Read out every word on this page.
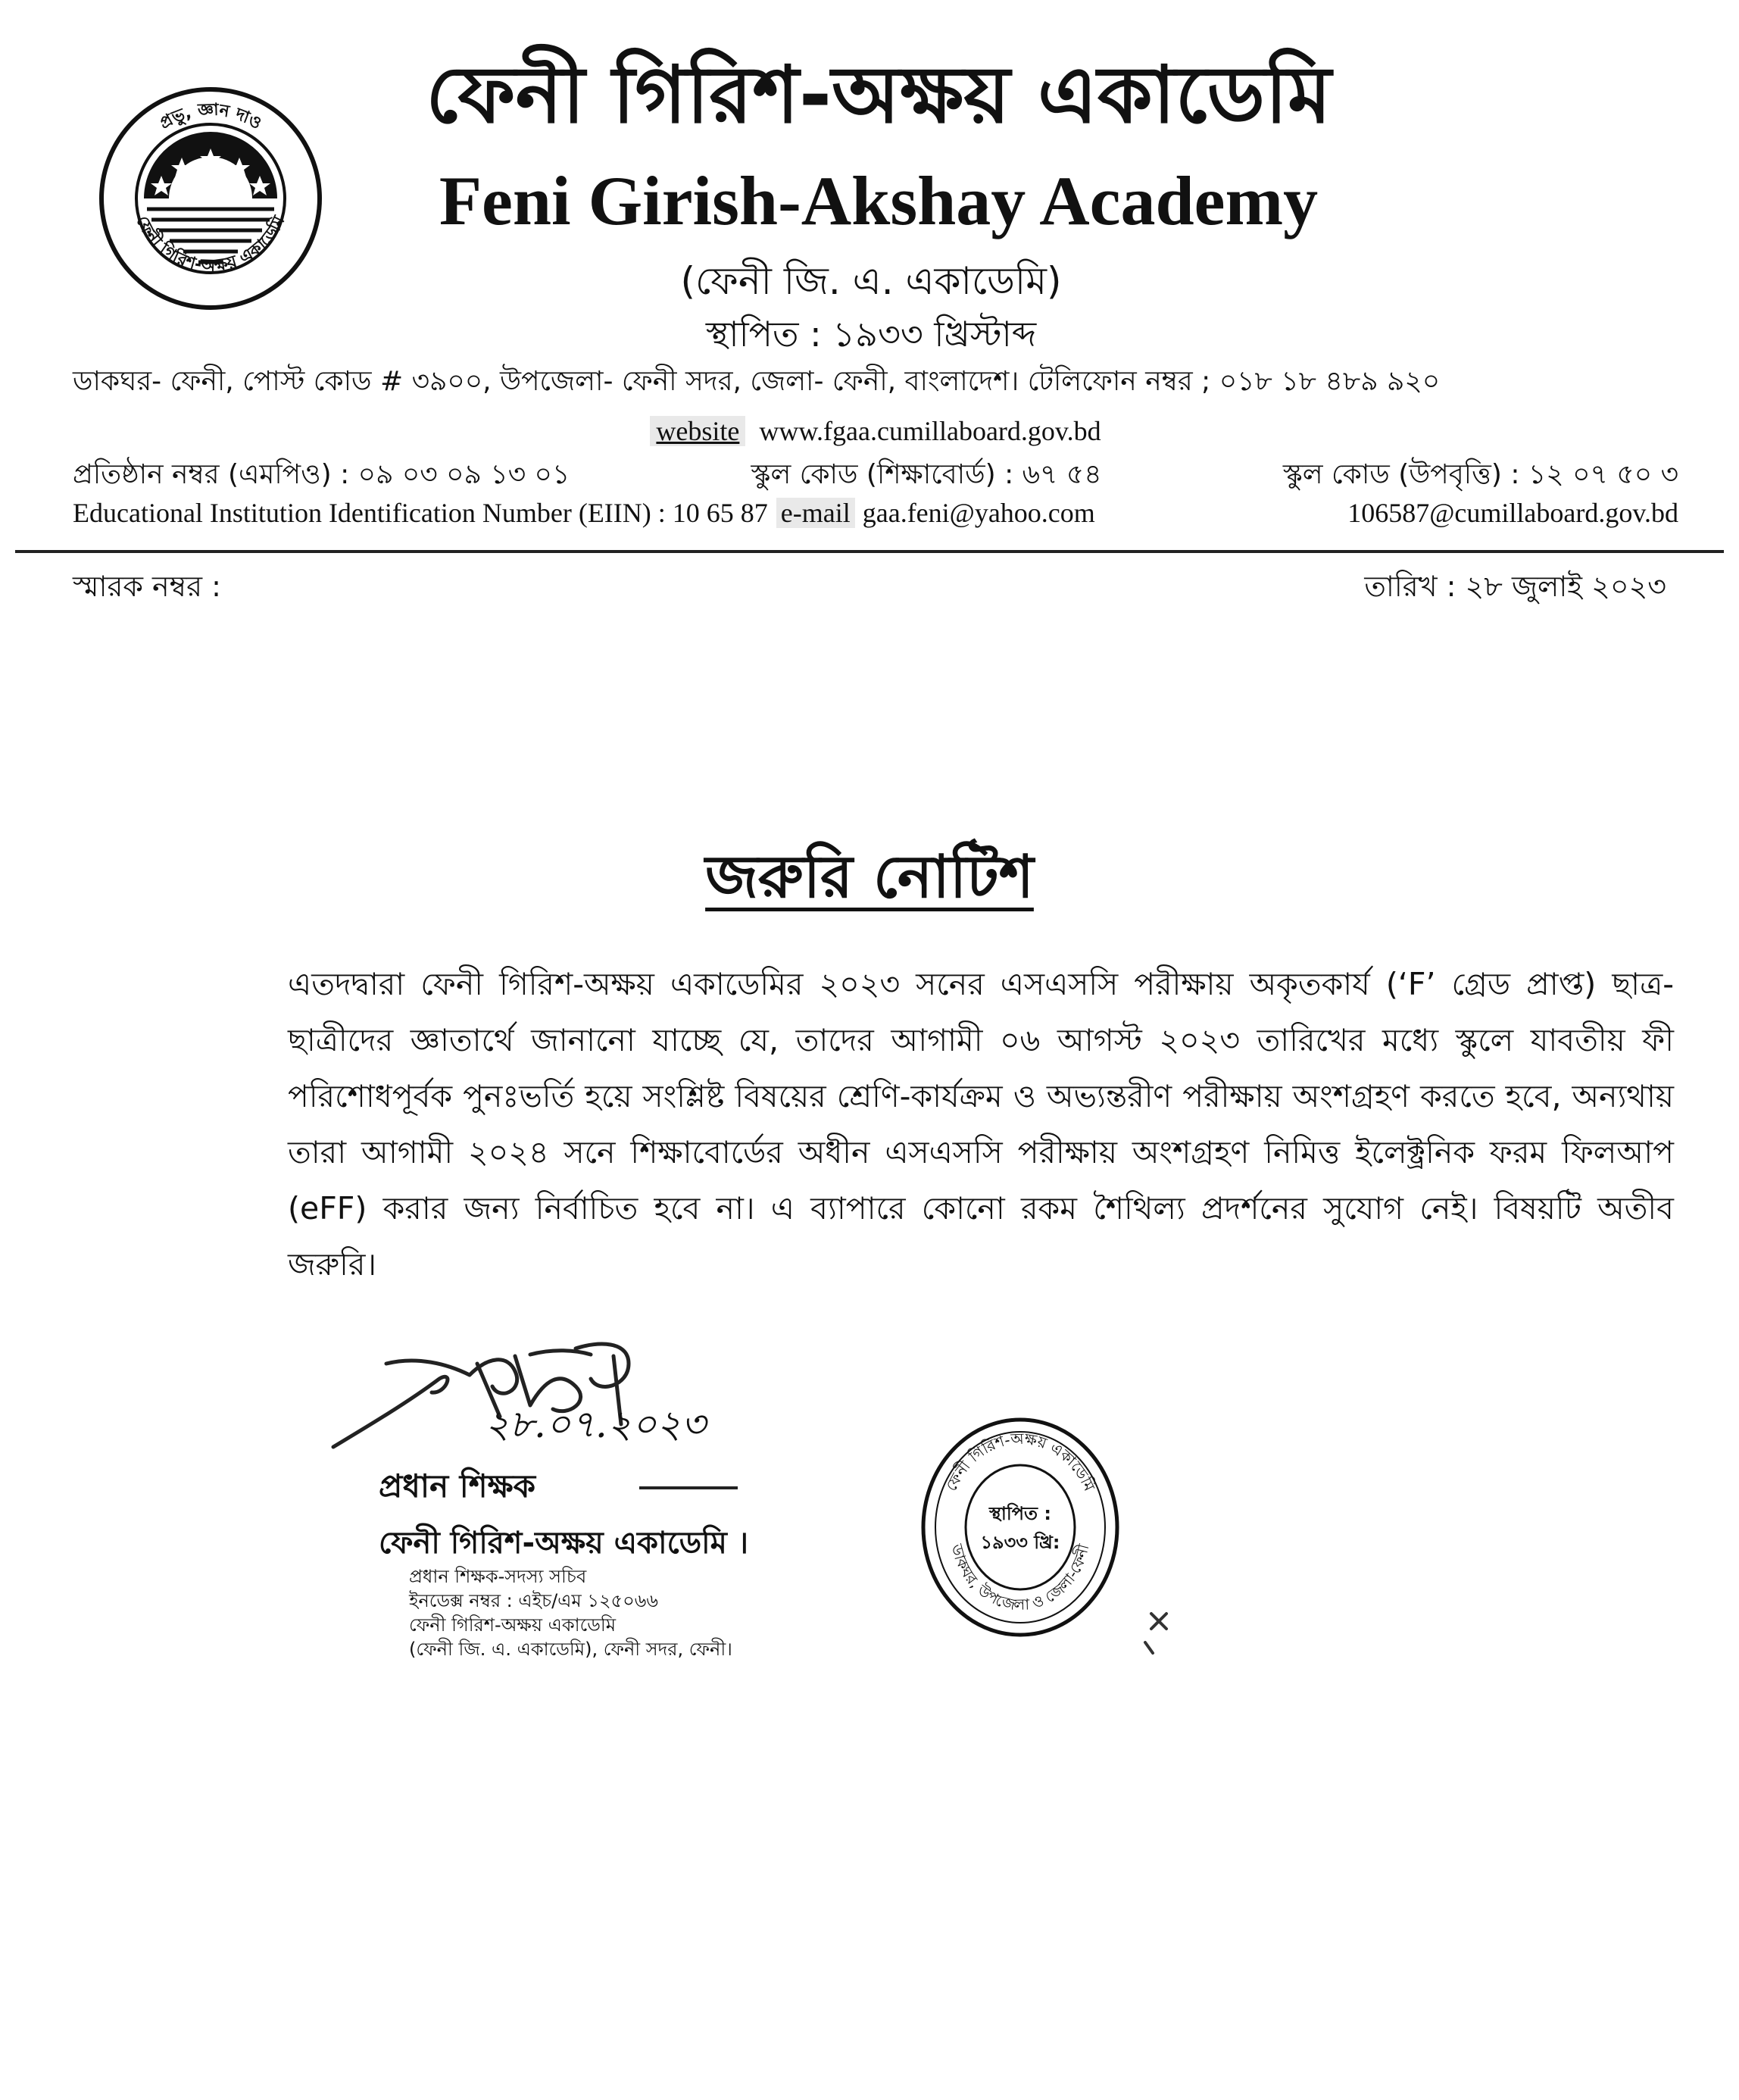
প্রভু, জ্ঞান দাও
ফেনী গিরিশ-অক্ষয় একাডেমি
ফেনী গিরিশ-অক্ষয় একাডেমি
Feni Girish-Akshay Academy
(ফেনী জি. এ. একাডেমি)
স্থাপিত : ১৯৩৩ খ্রিস্টাব্দ
ডাকঘর- ফেনী, পোস্ট কোড # ৩৯০০, উপজেলা- ফেনী সদর, জেলা- ফেনী, বাংলাদেশ। টেলিফোন নম্বর ; ০১৮ ১৮ ৪৮৯ ৯২০
website www.fgaa.cumillaboard.gov.bd
প্রতিষ্ঠান নম্বর (এমপিও) : ০৯ ০৩ ০৯ ১৩ ০১	স্কুল কোড (শিক্ষাবোর্ড) : ৬৭ ৫৪	স্কুল কোড (উপবৃত্তি) : ১২ ০৭ ৫০ ৩
Educational Institution Identification Number (EIIN) : 10 65 87 e-mail gaa.feni@yahoo.com	106587@cumillaboard.gov.bd
স্মারক নম্বর :	তারিখ : ২৮ জুলাই ২০২৩
জরুরি নোটিশ
এতদদ্বারা ফেনী গিরিশ-অক্ষয় একাডেমির ২০২৩ সনের এসএসসি পরীক্ষায় অকৃতকার্য (‘F’ গ্রেড প্রাপ্ত) ছাত্র-ছাত্রীদের জ্ঞাতার্থে জানানো যাচ্ছে যে, তাদের আগামী ০৬ আগস্ট ২০২৩ তারিখের মধ্যে স্কুলে যাবতীয় ফী পরিশোধপূর্বক পুনঃভর্তি হয়ে সংশ্লিষ্ট বিষয়ের শ্রেণি-কার্যক্রম ও অভ্যন্তরীণ পরীক্ষায় অংশগ্রহণ করতে হবে, অন্যথায় তারা আগামী ২০২৪ সনে শিক্ষাবোর্ডের অধীন এসএসসি পরীক্ষায় অংশগ্রহণ নিমিত্ত ইলেক্ট্রনিক ফরম ফিলআপ (eFF) করার জন্য নির্বাচিত হবে না। এ ব্যাপারে কোনো রকম শৈথিল্য প্রদর্শনের সুযোগ নেই। বিষয়টি অতীব জরুরি।
২৮.০৭.২০২৩
প্রধান শিক্ষক
ফেনী গিরিশ-অক্ষয় একাডেমি ।
প্রধান শিক্ষক-সদস্য সচিব
ইনডেক্স নম্বর : এইচ/এম ১২৫০৬৬
ফেনী গিরিশ-অক্ষয় একাডেমি
(ফেনী জি. এ. একাডেমি), ফেনী সদর, ফেনী।
ফেনী গিরিশ-অক্ষয় একাডেমি
ডাকঘর, উপজেলা ও জেলা-ফেনী
স্থাপিত :
১৯৩৩ খ্রি:
